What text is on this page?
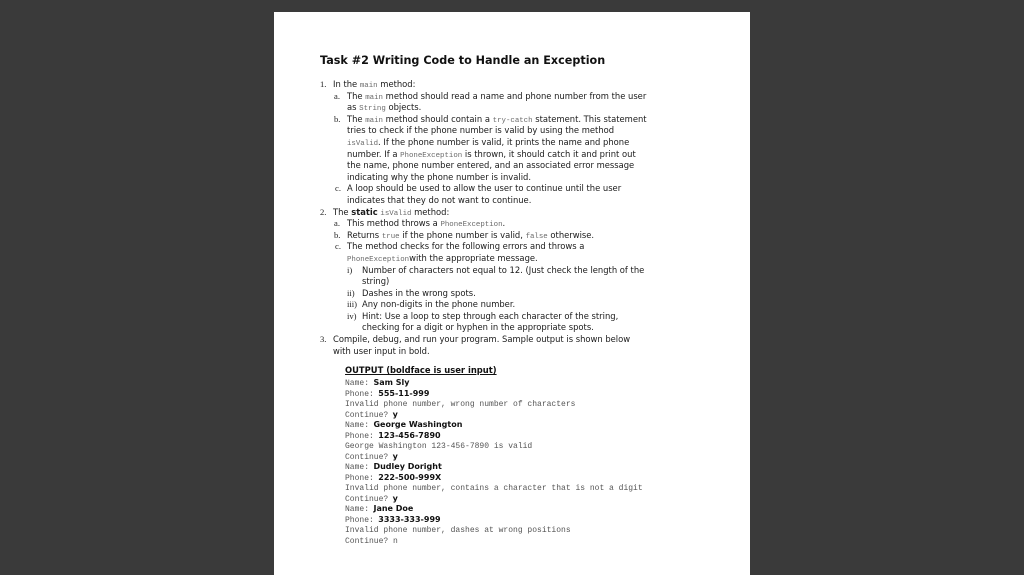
Task #2 Writing Code to Handle an Exception
1. In the main method:
a. The main method should read a name and phone number from the user
as String objects.
b. The main method should contain a try-catch statement. This statement
tries to check if the phone number is valid by using the method
isValid. If the phone number is valid, it prints the name and phone
number. If a PhoneException is thrown, it should catch it and print out
the name, phone number entered, and an associated error message
indicating why the phone number is invalid.
c. A loop should be used to allow the user to continue until the user
indicates that they do not want to continue.
2. The static isValid method:
a. This method throws a PhoneException.
b. Returns true if the phone number is valid, false otherwise.
c. The method checks for the following errors and throws a
PhoneExceptionwith the appropriate message.
i) Number of characters not equal to 12. (Just check the length of the
string)
ii) Dashes in the wrong spots.
iii) Any non-digits in the phone number.
iv) Hint: Use a loop to step through each character of the string,
checking for a digit or hyphen in the appropriate spots.
3. Compile, debug, and run your program. Sample output is shown below
with user input in bold.
OUTPUT (boldface is user input)
Name: Sam Sly
Phone: 555-11-999
Invalid phone number, wrong number of characters
Continue? y
Name: George Washington
Phone: 123-456-7890
George Washington 123-456-7890 is valid
Continue? y
Name: Dudley Doright
Phone: 222-500-999X
Invalid phone number, contains a character that is not a digit
Continue? y
Name: Jane Doe
Phone: 3333-333-999
Invalid phone number, dashes at wrong positions
Continue? n
